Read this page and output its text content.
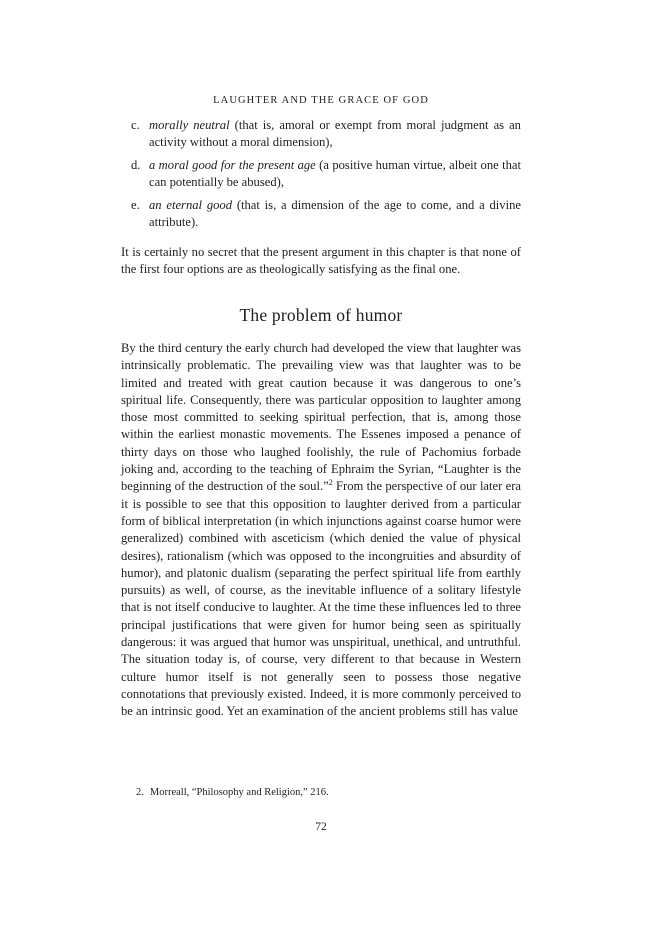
LAUGHTER AND THE GRACE OF GOD
c. morally neutral (that is, amoral or exempt from moral judgment as an activity without a moral dimension),
d. a moral good for the present age (a positive human virtue, albeit one that can potentially be abused),
e. an eternal good (that is, a dimension of the age to come, and a divine attribute).

It is certainly no secret that the present argument in this chapter is that none of the first four options are as theologically satisfying as the final one.

The problem of humor

By the third century the early church had developed the view that laughter was intrinsically problematic. The prevailing view was that laughter was to be limited and treated with great caution because it was dangerous to one’s spiritual life. Consequently, there was particular opposition to laughter among those most committed to seeking spiritual perfection, that is, among those within the earliest monastic movements. The Essenes imposed a penance of thirty days on those who laughed foolishly, the rule of Pachomius forbade joking and, according to the teaching of Ephraim the Syrian, “Laughter is the beginning of the destruction of the soul.”$^2$ From the perspective of our later era it is possible to see that this opposition to laughter derived from a particular form of biblical interpretation (in which injunctions against coarse humor were generalized) combined with asceticism (which denied the value of physical desires), rationalism (which was opposed to the incongruities and absurdity of humor), and platonic dualism (separating the perfect spiritual life from earthly pursuits) as well, of course, as the inevitable influence of a solitary lifestyle that is not itself conducive to laughter. At the time these influences led to three principal justifications that were given for humor being seen as spiritually dangerous: it was argued that humor was unspiritual, unethical, and untruthful. The situation today is, of course, very different to that because in Western culture humor itself is not generally seen to possess those negative connotations that previously existed. Indeed, it is more commonly perceived to be an intrinsic good. Yet an examination of the ancient problems still has value

2. Morreall, “Philosophy and Religion,” 216.
72
